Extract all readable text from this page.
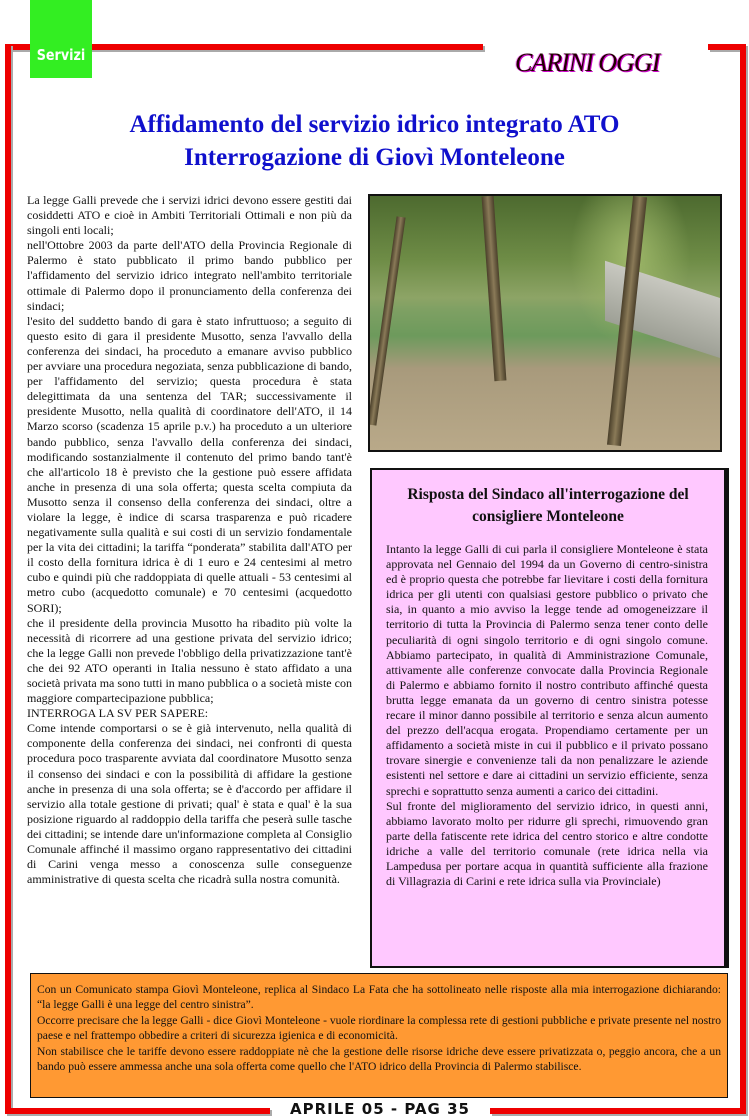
Servizi	CARINI OGGI
Affidamento del servizio idrico integrato ATO
Interrogazione di Giovì Monteleone

La legge Galli prevede che i servizi idrici devono essere gestiti dai cosiddetti ATO e cioè in Ambiti Territoriali Ottimali e non più da singoli enti locali;

nell'Ottobre 2003 da parte dell'ATO della Provincia Regionale di Palermo è stato pubblicato il primo bando pubblico per l'affidamento del servizio idrico integrato nell'ambito territoriale ottimale di Palermo dopo il pronunciamento della conferenza dei sindaci;

l'esito del suddetto bando di gara è stato infruttuoso; a seguito di questo esito di gara il presidente Musotto, senza l'avvallo della conferenza dei sindaci, ha proceduto a emanare avviso pubblico per avviare una procedura negoziata, senza pubblicazione di bando, per l'affidamento del servizio; questa procedura è stata delegittimata da una sentenza del TAR; successivamente il presidente Musotto, nella qualità di coordinatore dell'ATO, il 14 Marzo scorso (scadenza 15 aprile p.v.) ha proceduto a un ulteriore bando pubblico, senza l'avvallo della conferenza dei sindaci, modificando sostanzialmente il contenuto del primo bando tant'è che all'articolo 18 è previsto che la gestione può essere affidata anche in presenza di una sola offerta; questa scelta compiuta da Musotto senza il consenso della conferenza dei sindaci, oltre a violare la legge, è indice di scarsa trasparenza e può ricadere negativamente sulla qualità e sui costi di un servizio fondamentale per la vita dei cittadini; la tariffa “ponderata” stabilita dall'ATO per il costo della fornitura idrica è di 1 euro e 24 centesimi al metro cubo e quindi più che raddoppiata di quelle attuali - 53 centesimi al metro cubo (acquedotto comunale) e 70 centesimi (acquedotto SORI);

che il presidente della provincia Musotto ha ribadito più volte la necessità di ricorrere ad una gestione privata del servizio idrico; che la legge Galli non prevede l'obbligo della privatizzazione tant'è che dei 92 ATO operanti in Italia nessuno è stato affidato a una società privata ma sono tutti in mano pubblica o a società miste con maggiore compartecipazione pubblica;

INTERROGA LA SV PER SAPERE:

Come intende comportarsi o se è già intervenuto, nella qualità di componente della conferenza dei sindaci, nei confronti di questa procedura poco trasparente avviata dal coordinatore Musotto senza il consenso dei sindaci e con la possibilità di affidare la gestione anche in presenza di una sola offerta; se è d'accordo per affidare il servizio alla totale gestione di privati; qual' è stata e qual' è la sua posizione riguardo al raddoppio della tariffa che peserà sulle tasche dei cittadini; se intende dare un'informazione completa al Consiglio Comunale affinché il massimo organo rappresentativo dei cittadini di Carini venga messo a conoscenza sulle conseguenze amministrative di questa scelta che ricadrà sulla nostra comunità.

Risposta del Sindaco all'interrogazione del consigliere Monteleone

Intanto la legge Galli di cui parla il consigliere Monteleone è stata approvata nel Gennaio del 1994 da un Governo di centro-sinistra ed è proprio questa che potrebbe far lievitare i costi della fornitura idrica per gli utenti con qualsiasi gestore pubblico o privato che sia, in quanto a mio avviso la legge tende ad omogeneizzare il territorio di tutta la Provincia di Palermo senza tener conto delle peculiarità di ogni singolo territorio e di ogni singolo comune. Abbiamo partecipato, in qualità di Amministrazione Comunale, attivamente alle conferenze convocate dalla Provincia Regionale di Palermo e abbiamo fornito il nostro contributo affinché questa brutta legge emanata da un governo di centro sinistra potesse recare il minor danno possibile al territorio e senza alcun aumento del prezzo dell'acqua erogata. Propendiamo certamente per un affidamento a società miste in cui il pubblico e il privato possano trovare sinergie e convenienze tali da non penalizzare le aziende esistenti nel settore e dare ai cittadini un servizio efficiente, senza sprechi e soprattutto senza aumenti a carico dei cittadini.

Sul fronte del miglioramento del servizio idrico, in questi anni, abbiamo lavorato molto per ridurre gli sprechi, rimuovendo gran parte della fatiscente rete idrica del centro storico e altre condotte idriche a valle del territorio comunale (rete idrica nella via Lampedusa per portare acqua in quantità sufficiente alla frazione di Villagrazia di Carini e rete idrica sulla via Provinciale)

Con un Comunicato stampa Giovì Monteleone, replica al Sindaco La Fata che ha sottolineato nelle risposte alla mia interrogazione dichiarando: “la legge Galli è una legge del centro sinistra”.

Occorre precisare che la legge Galli - dice Giovì Monteleone - vuole riordinare la complessa rete di gestioni pubbliche e private presente nel nostro paese e nel frattempo obbedire a criteri di sicurezza igienica e di economicità.

Non stabilisce che le tariffe devono essere raddoppiate nè che la gestione delle risorse idriche deve essere privatizzata o, peggio ancora, che a un bando può essere ammessa anche una sola offerta come quello che l'ATO idrico della Provincia di Palermo stabilisce.

APRILE 05 - PAG 35
